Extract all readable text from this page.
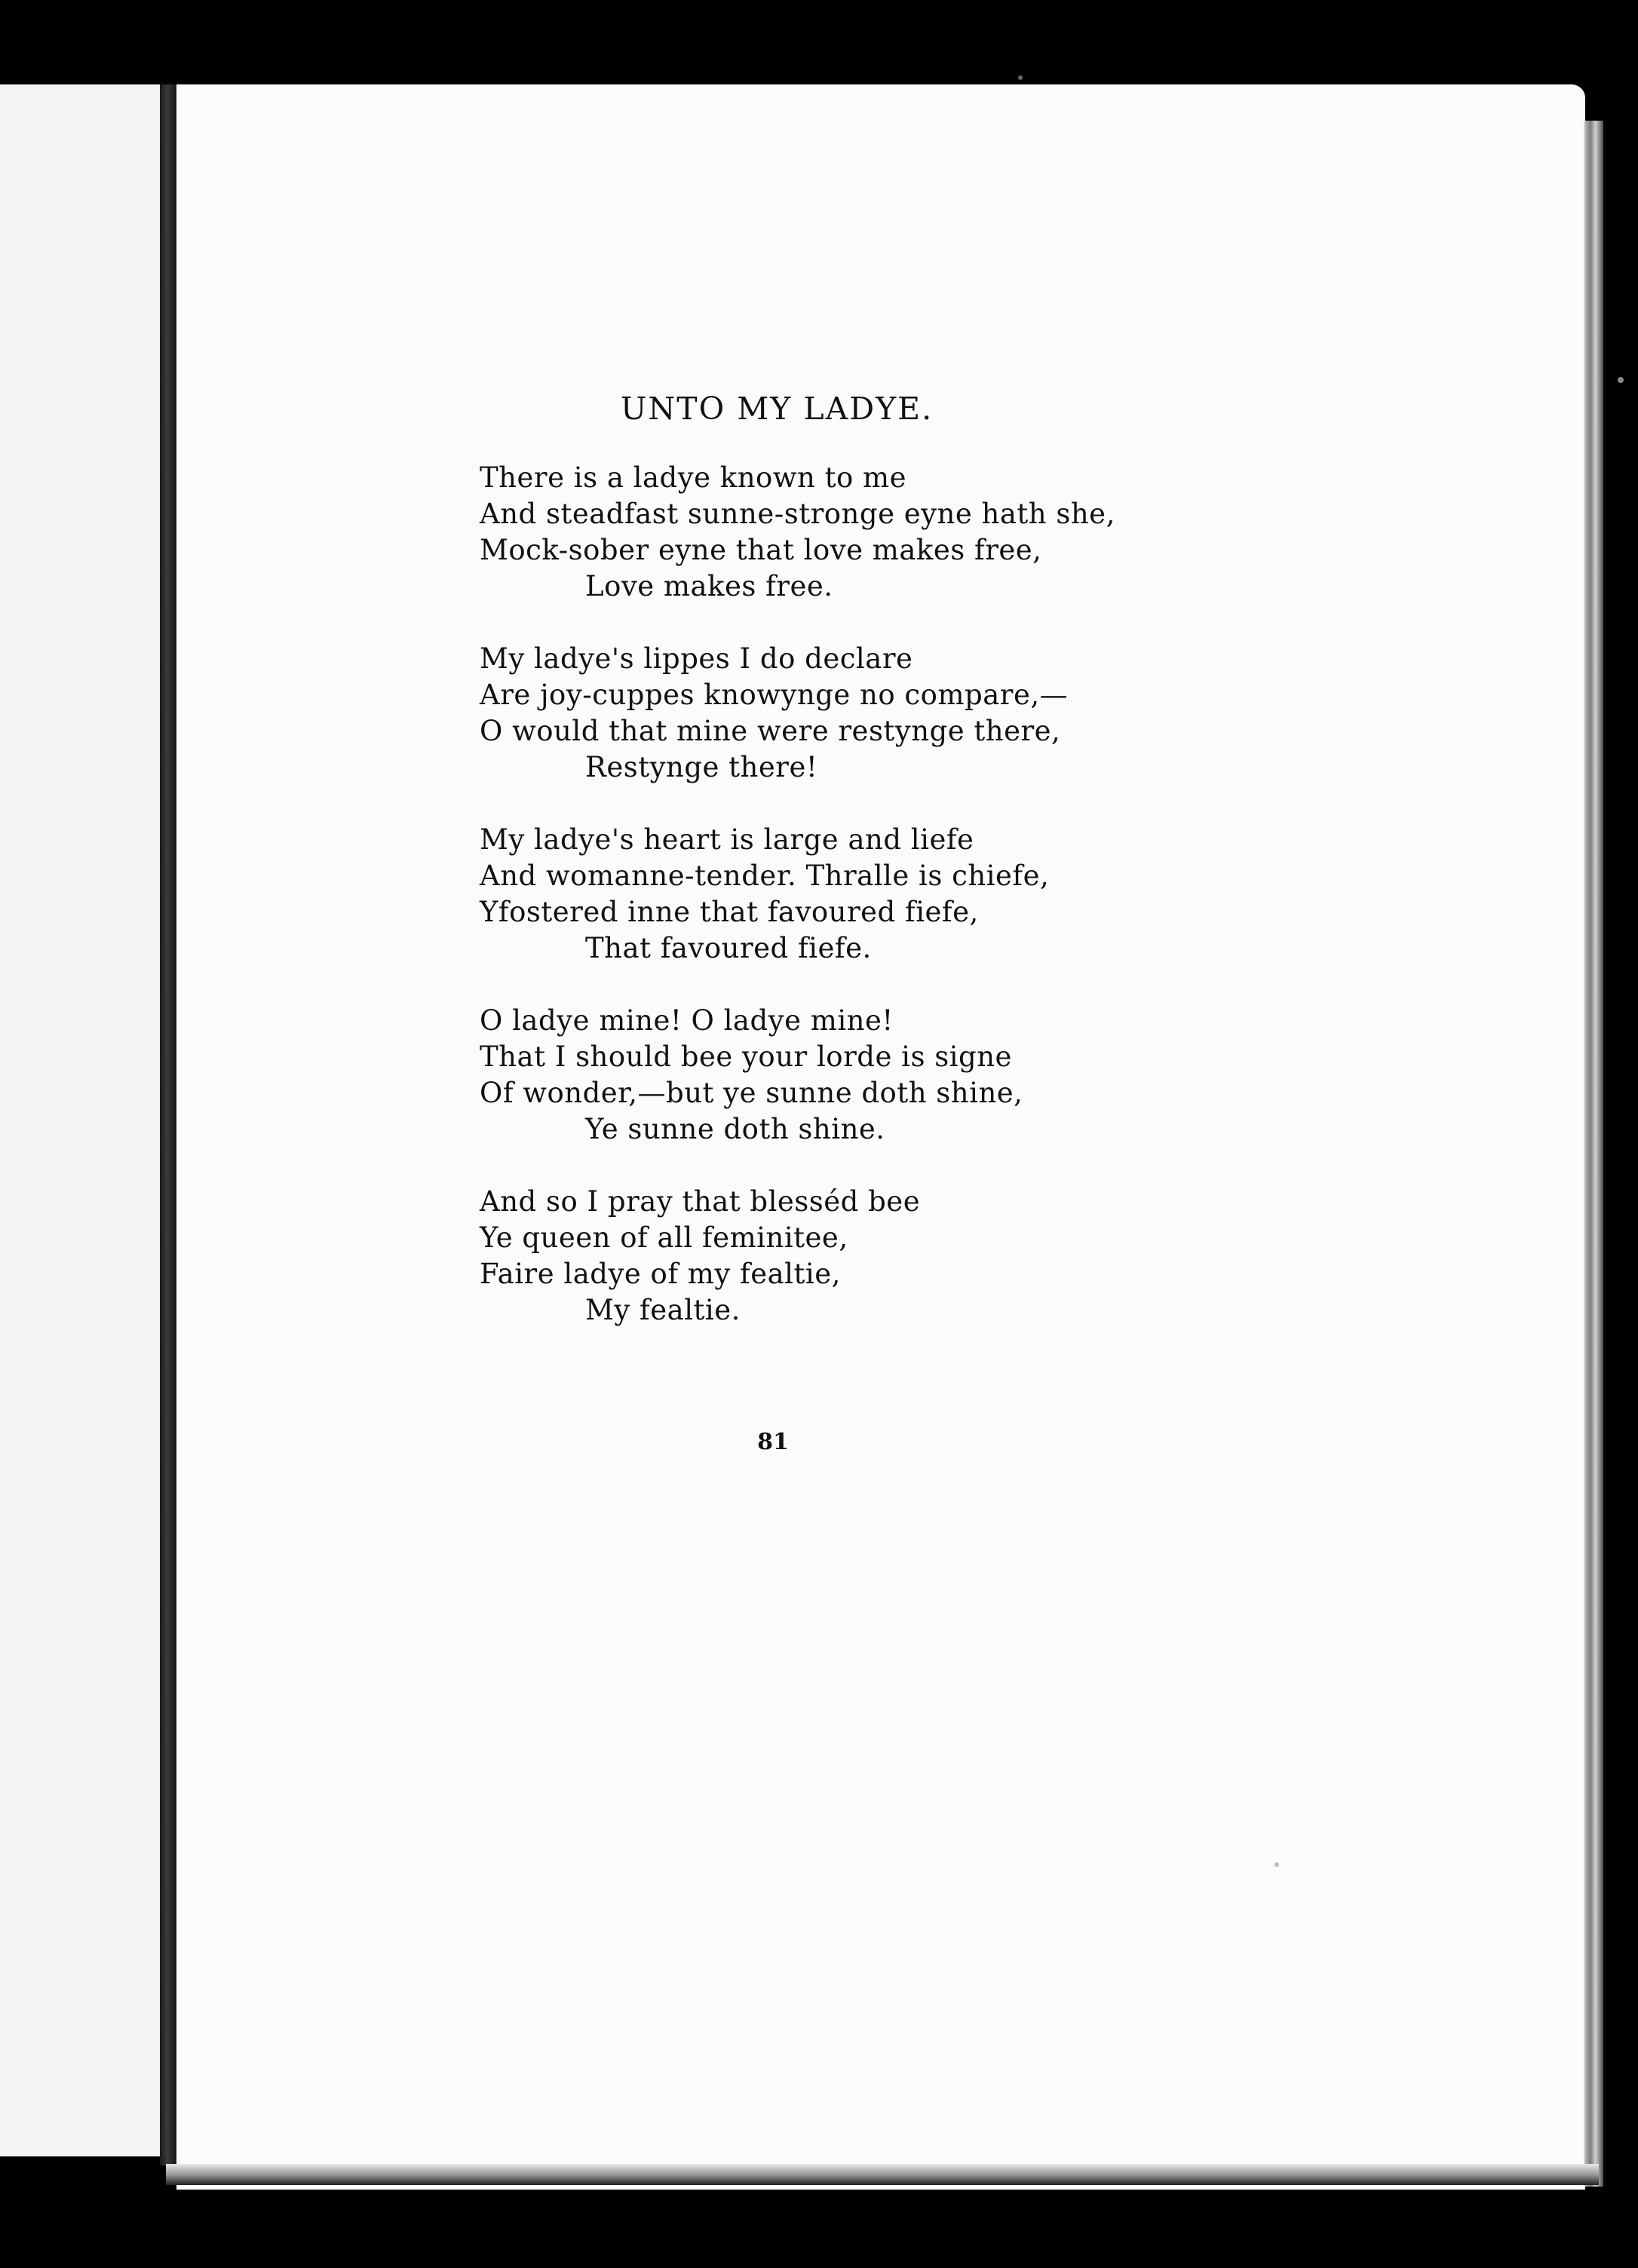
UNTO MY LADYE.
There is a ladye known to me
And steadfast sunne-stronge eyne hath she,
Mock-sober eyne that love makes free,
Love makes free.
My ladye's lippes I do declare
Are joy-cuppes knowynge no compare,—
O would that mine were restynge there,
Restynge there!
My ladye's heart is large and liefe
And womanne-tender. Thralle is chiefe,
Yfostered inne that favoured fiefe,
That favoured fiefe.
O ladye mine! O ladye mine!
That I should bee your lorde is signe
Of wonder,—but ye sunne doth shine,
Ye sunne doth shine.
And so I pray that blesséd bee
Ye queen of all feminitee,
Faire ladye of my fealtie,
My fealtie.
81
